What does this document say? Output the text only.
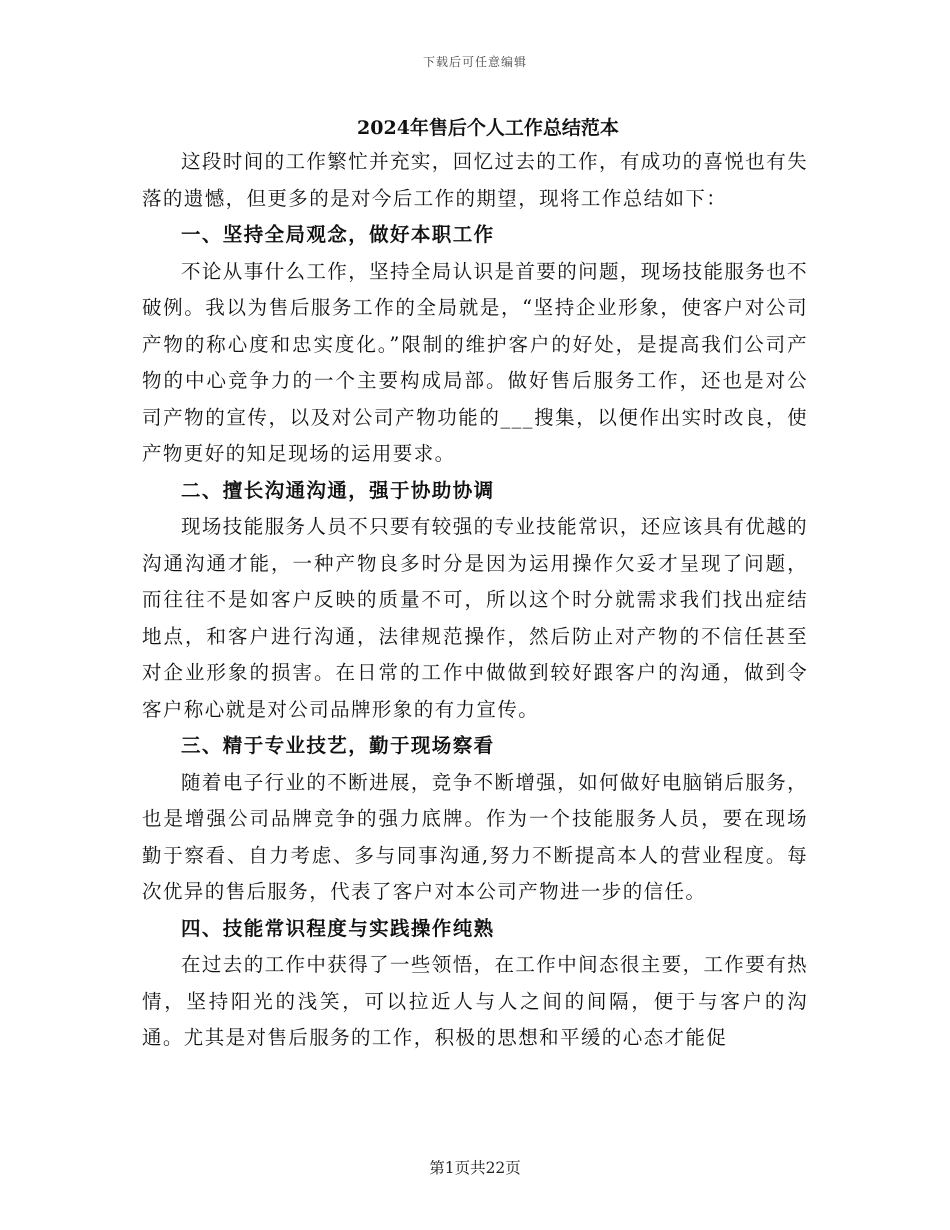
下载后可任意编辑
2024年售后个人工作总结范本

这段时间的工作繁忙并充实，回忆过去的工作，有成功的喜悦也有失落的遗憾，但更多的是对今后工作的期望，现将工作总结如下：

一、坚持全局观念，做好本职工作

不论从事什么工作，坚持全局认识是首要的问题，现场技能服务也不破例。我以为售后服务工作的全局就是，“坚持企业形象，使客户对公司产物的称心度和忠实度化。”限制的维护客户的好处，是提高我们公司产物的中心竞争力的一个主要构成局部。做好售后服务工作，还也是对公司产物的宣传，以及对公司产物功能的___搜集，以便作出实时改良，使产物更好的知足现场的运用要求。

二、擅长沟通沟通，强于协助协调

现场技能服务人员不只要有较强的专业技能常识，还应该具有优越的沟通沟通才能，一种产物良多时分是因为运用操作欠妥才呈现了问题，而往往不是如客户反映的质量不可，所以这个时分就需求我们找出症结地点，和客户进行沟通，法律规范操作，然后防止对产物的不信任甚至对企业形象的损害。在日常的工作中做做到较好跟客户的沟通，做到令客户称心就是对公司品牌形象的有力宣传。

三、精于专业技艺，勤于现场察看

随着电子行业的不断进展，竞争不断增强，如何做好电脑销后服务，也是增强公司品牌竞争的强力底牌。作为一个技能服务人员，要在现场勤于察看、自力考虑、多与同事沟通,努力不断提高本人的营业程度。每次优异的售后服务，代表了客户对本公司产物进一步的信任。

四、技能常识程度与实践操作纯熟

在过去的工作中获得了一些领悟，在工作中间态很主要，工作要有热情，坚持阳光的浅笑，可以拉近人与人之间的间隔，便于与客户的沟通。尤其是对售后服务的工作，积极的思想和平缓的心态才能促

第1页共22页
